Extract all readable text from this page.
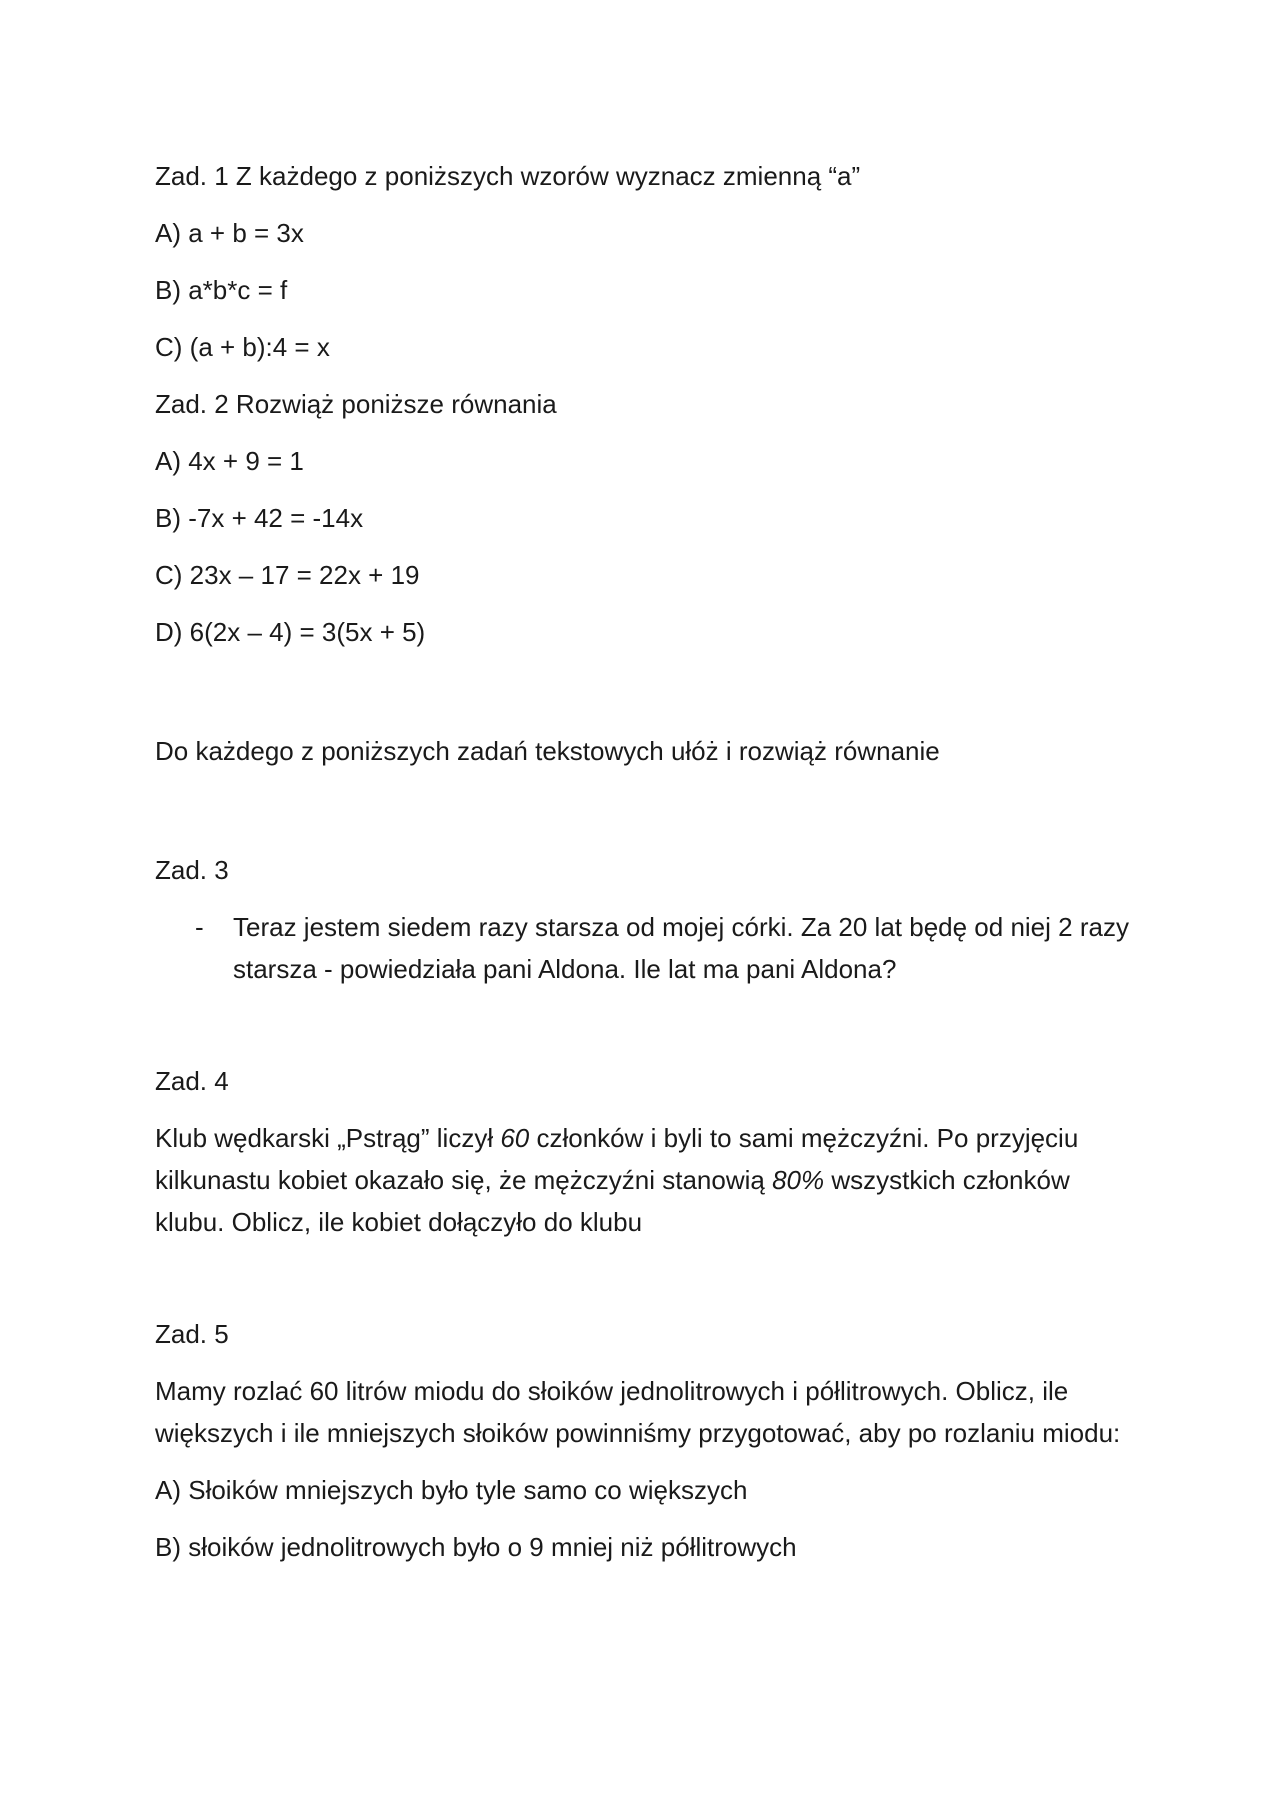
Zad. 1 Z każdego z poniższych wzorów wyznacz zmienną “a”
A) a + b = 3x
B) a*b*c = f
C) (a + b):4 = x
Zad. 2 Rozwiąż poniższe równania
A) 4x + 9 = 1
B) -7x + 42 = -14x
C) 23x – 17 = 22x + 19
D) 6(2x – 4) = 3(5x + 5)
Do każdego z poniższych zadań tekstowych ułóż i rozwiąż równanie
Zad. 3
- Teraz jestem siedem razy starsza od mojej córki. Za 20 lat będę od niej 2 razy starsza - powiedziała pani Aldona. Ile lat ma pani Aldona?
Zad. 4
Klub wędkarski „Pstrąg” liczył 60 członków i byli to sami mężczyźni. Po przyjęciu kilkunastu kobiet okazało się, że mężczyźni stanowią 80% wszystkich członków klubu. Oblicz, ile kobiet dołączyło do klubu
Zad. 5
Mamy rozlać 60 litrów miodu do słoików jednolitrowych i półlitrowych. Oblicz, ile większych i ile mniejszych słoików powinniśmy przygotować, aby po rozlaniu miodu:
A) Słoików mniejszych było tyle samo co większych
B) słoików jednolitrowych było o 9 mniej niż półlitrowych
